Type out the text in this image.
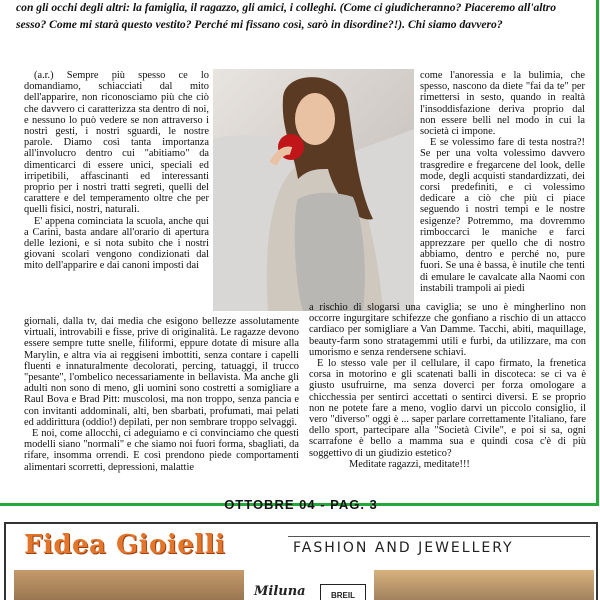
con gli occhi degli altri: la famiglia, il ragazzo, gli amici, i colleghi. (Come ci giudicheranno? Piaceremo all'altro sesso? Come mi starà questo vestito? Perché mi fissano così, sarò in disordine?!). Chi siamo davvero?

(a.r.) Sempre più spesso ce lo domandiamo, schiacciati dal mito dell'apparire, non riconosciamo più che ciò che davvero ci caratterizza sta dentro di noi, e nessuno lo può vedere se non attraverso i nostri gesti, i nostri sguardi, le nostre parole. Diamo così tanta importanza all'involucro dentro cui "abitiamo" da dimenticarci di essere unici, speciali ed irripetibili, affascinanti ed interessanti proprio per i nostri tratti segreti, quelli del carattere e del temperamento oltre che per quelli fisici, nostri, naturali.

E' appena cominciata la scuola, anche qui a Carini, basta andare all'orario di apertura delle lezioni, e si nota subito che i nostri giovani scolari vengono condizionati dal mito dell'apparire e dai canoni imposti dai

come l'anoressia e la bulimia, che spesso, nascono da diete "fai da te" per rimettersi in sesto, quando in realtà l'insoddisfazione deriva proprio dal non essere belli nel modo in cui la società ci impone.

E se volessimo fare di testa nostra?! Se per una volta volessimo davvero trasgredire e fregarcene del look, delle mode, degli acquisti standardizzati, dei corsi predefiniti, e ci volessimo dedicare a ciò che più ci piace seguendo i nostri tempi e le nostre esigenze? Potremmo, ma dovremmo rimboccarci le maniche e farci apprezzare per quello che di nostro abbiamo, dentro e perché no, pure fuori. Se una è bassa, è inutile che tenti di emulare le cavalcate alla Naomi con instabili trampoli ai piedi

giornali, dalla tv, dai media che esigono bellezze assolutamente virtuali, introvabili e fisse, prive di originalità. Le ragazze devono essere sempre tutte snelle, filiformi, eppure dotate di misure alla Marylin, e altra via ai reggiseni imbottiti, senza contare i capelli fluenti e innaturalmente decolorati, percing, tatuaggi, il trucco "pesante", l'ombelico necessariamente in bellavista. Ma anche gli adulti non sono di meno, gli uomini sono costretti a somigliare a Raul Bova e Brad Pitt: muscolosi, ma non troppo, senza pancia e con invitanti addominali, alti, ben sbarbati, profumati, mai pelati ed addirittura (oddio!) depilati, per non sembrare troppo selvaggi.

E noi, come allocchi, ci adeguiamo e ci convinciamo che questi modelli siano "normali" e che siamo noi fuori forma, sbagliati, da rifare, insomma orrendi. E così prendono piede comportamenti alimentari scorretti, depressioni, malattie

a rischio di slogarsi una caviglia; se uno è mingherlino non occorre ingurgitare schifezze che gonfiano a rischio di un attacco cardiaco per somigliare a Van Damme. Tacchi, abiti, maquillage, beauty-farm sono stratagemmi utili e furbi, da utilizzare, ma con umorismo e senza rendersene schiavi.

E lo stesso vale per il cellulare, il capo firmato, la frenetica corsa in motorino e gli scatenati balli in discoteca: se ci va è giusto usufruirne, ma senza doverci per forza omologare a chicchessia per sentirci accettati o sentirci diversi. E se proprio non ne potete fare a meno, voglio darvi un piccolo consiglio, il vero "diverso" oggi è ... saper parlare correttamente l'italiano, fare dello sport, partecipare alla "Società Civile", e poi si sa, ogni scarrafone è bello a mamma sua e quindi cosa c'è di più soggettivo di un giudizio estetico?

Meditate ragazzi, meditate!!!

OTTOBRE 04 - PAG. 3
Fidea Gioielli	FASHION AND JEWELLERY
Miluna	BREIL
